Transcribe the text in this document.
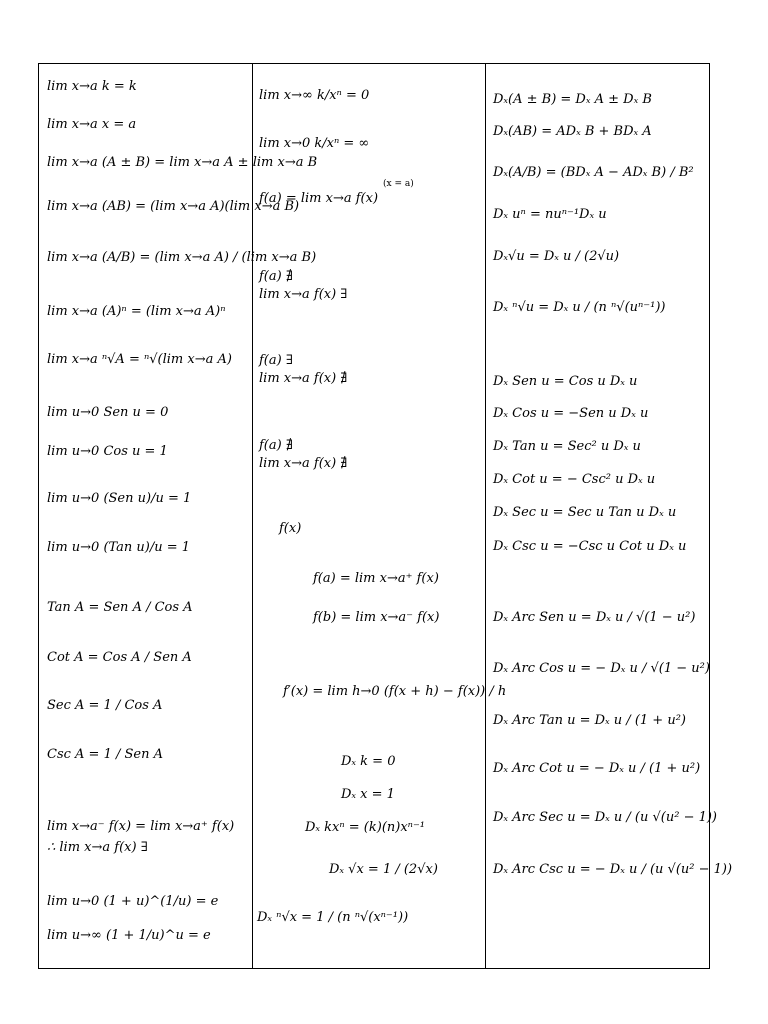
lim x→a k = k
lim x→a x = a
lim x→a (A ± B) = lim x→a A ± lim x→a B
lim x→a (AB) = (lim x→a A)(lim x→a B)
lim x→a (A/B) = (lim x→a A) / (lim x→a B)
lim x→a (A)ⁿ = (lim x→a A)ⁿ
lim x→a ⁿ√A = ⁿ√(lim x→a A)
lim u→0 Sen u = 0
lim u→0 Cos u = 1
lim u→0 (Sen u)/u = 1
lim u→0 (Tan u)/u = 1
Tan A = Sen A / Cos A
Cot A = Cos A / Sen A
Sec A = 1 / Cos A
Csc A = 1 / Sen A
lim x→a⁻ f(x) = lim x→a⁺ f(x)
∴ lim x→a f(x) ∃
lim u→0 (1 + u)^(1/u) = e
lim u→∞ (1 + 1/u)^u = e
lim x→∞ k/xⁿ = 0
lim x→0 k/xⁿ = ∞
f(a) = lim x→a f(x)
(x = a)
f(a) ∄
lim x→a f(x) ∃
f(a) ∃
lim x→a f(x) ∄
f(a) ∄
lim x→a f(x) ∄
f(x)
f(a) = lim x→a⁺ f(x)
f(b) = lim x→a⁻ f(x)
f′(x) = lim h→0 (f(x + h) − f(x)) / h
Dₓ k = 0
Dₓ x = 1
Dₓ kxⁿ = (k)(n)xⁿ⁻¹
Dₓ √x = 1 / (2√x)
Dₓ ⁿ√x = 1 / (n ⁿ√(xⁿ⁻¹))
Dₓ(A ± B) = Dₓ A ± Dₓ B
Dₓ(AB) = ADₓ B + BDₓ A
Dₓ(A/B) = (BDₓ A − ADₓ B) / B²
Dₓ uⁿ = nuⁿ⁻¹Dₓ u
Dₓ√u = Dₓ u / (2√u)
Dₓ ⁿ√u = Dₓ u / (n ⁿ√(uⁿ⁻¹))
Dₓ Sen u = Cos u Dₓ u
Dₓ Cos u = −Sen u Dₓ u
Dₓ Tan u = Sec² u Dₓ u
Dₓ Cot u = − Csc² u Dₓ u
Dₓ Sec u = Sec u Tan u Dₓ u
Dₓ Csc u = −Csc u Cot u Dₓ u
Dₓ Arc Sen u = Dₓ u / √(1 − u²)
Dₓ Arc Cos u = − Dₓ u / √(1 − u²)
Dₓ Arc Tan u = Dₓ u / (1 + u²)
Dₓ Arc Cot u = − Dₓ u / (1 + u²)
Dₓ Arc Sec u = Dₓ u / (u √(u² − 1))
Dₓ Arc Csc u = − Dₓ u / (u √(u² − 1))
